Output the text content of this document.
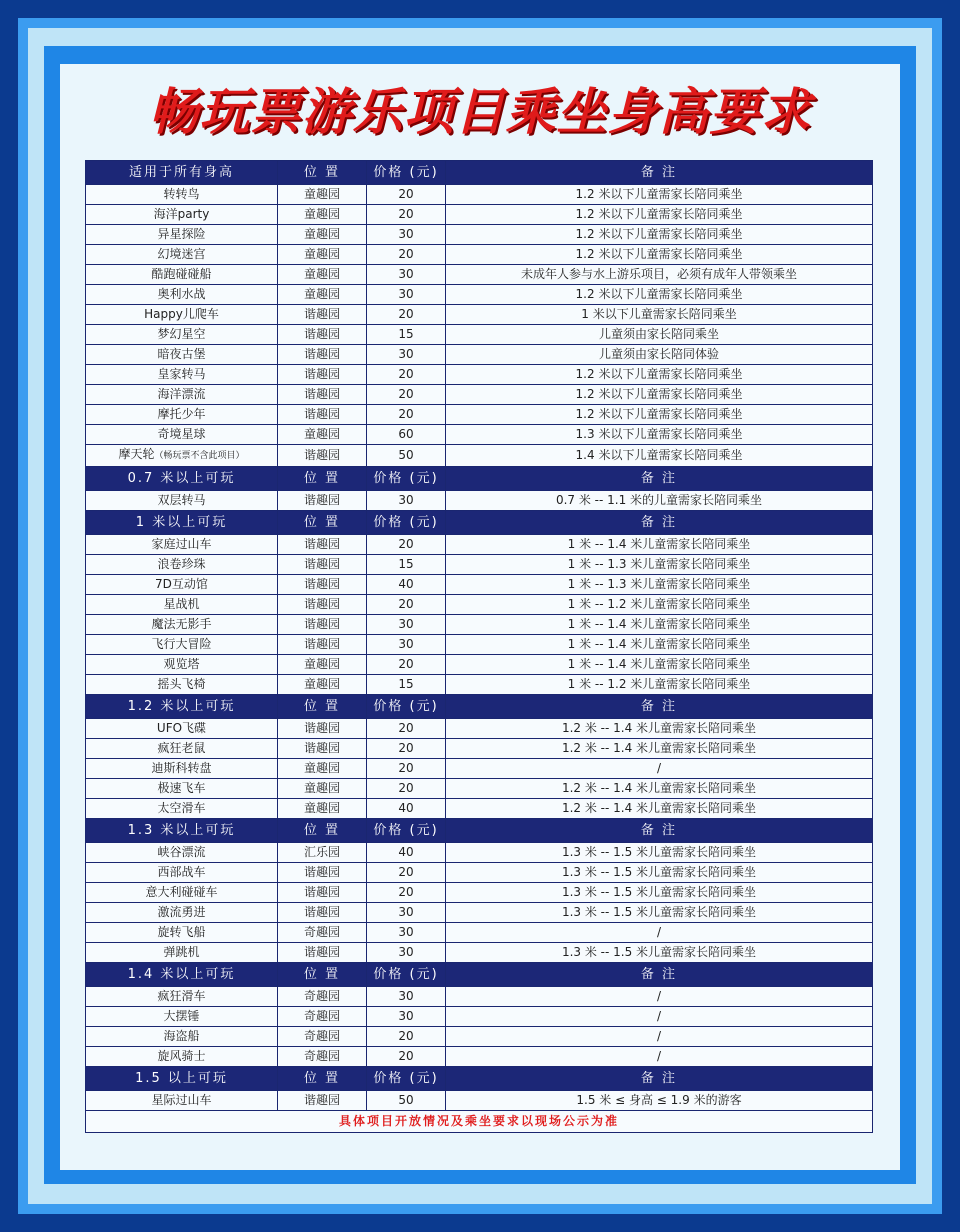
畅玩票游乐项目乘坐身高要求
适用于所有身高	位 置	价格 (元)	备 注
转转鸟	童趣园	20	1.2 米以下儿童需家长陪同乘坐
海洋party	童趣园	20	1.2 米以下儿童需家长陪同乘坐
异星探险	童趣园	30	1.2 米以下儿童需家长陪同乘坐
幻境迷宫	童趣园	20	1.2 米以下儿童需家长陪同乘坐
酷跑碰碰船	童趣园	30	未成年人参与水上游乐项目，必须有成年人带领乘坐
奥利水战	童趣园	30	1.2 米以下儿童需家长陪同乘坐
Happy儿爬车	谐趣园	20	1 米以下儿童需家长陪同乘坐
梦幻星空	谐趣园	15	儿童须由家长陪同乘坐
暗夜古堡	谐趣园	30	儿童须由家长陪同体验
皇家转马	谐趣园	20	1.2 米以下儿童需家长陪同乘坐
海洋漂流	谐趣园	20	1.2 米以下儿童需家长陪同乘坐
摩托少年	谐趣园	20	1.2 米以下儿童需家长陪同乘坐
奇境星球	童趣园	60	1.3 米以下儿童需家长陪同乘坐
摩天轮（畅玩票不含此项目）	谐趣园	50	1.4 米以下儿童需家长陪同乘坐
0.7 米以上可玩	位 置	价格 (元)	备 注
双层转马	谐趣园	30	0.7 米 -- 1.1 米的儿童需家长陪同乘坐
1 米以上可玩	位 置	价格 (元)	备 注
家庭过山车	谐趣园	20	1 米 -- 1.4 米儿童需家长陪同乘坐
浪卷珍珠	谐趣园	15	1 米 -- 1.3 米儿童需家长陪同乘坐
7D互动馆	谐趣园	40	1 米 -- 1.3 米儿童需家长陪同乘坐
星战机	谐趣园	20	1 米 -- 1.2 米儿童需家长陪同乘坐
魔法无影手	谐趣园	30	1 米 -- 1.4 米儿童需家长陪同乘坐
飞行大冒险	谐趣园	30	1 米 -- 1.4 米儿童需家长陪同乘坐
观览塔	童趣园	20	1 米 -- 1.4 米儿童需家长陪同乘坐
摇头飞椅	童趣园	15	1 米 -- 1.2 米儿童需家长陪同乘坐
1.2 米以上可玩	位 置	价格 (元)	备 注
UFO飞碟	谐趣园	20	1.2 米 -- 1.4 米儿童需家长陪同乘坐
疯狂老鼠	谐趣园	20	1.2 米 -- 1.4 米儿童需家长陪同乘坐
迪斯科转盘	童趣园	20	/
极速飞车	童趣园	20	1.2 米 -- 1.4 米儿童需家长陪同乘坐
太空滑车	童趣园	40	1.2 米 -- 1.4 米儿童需家长陪同乘坐
1.3 米以上可玩	位 置	价格 (元)	备 注
峡谷漂流	汇乐园	40	1.3 米 -- 1.5 米儿童需家长陪同乘坐
西部战车	谐趣园	20	1.3 米 -- 1.5 米儿童需家长陪同乘坐
意大利碰碰车	谐趣园	20	1.3 米 -- 1.5 米儿童需家长陪同乘坐
激流勇进	谐趣园	30	1.3 米 -- 1.5 米儿童需家长陪同乘坐
旋转飞船	奇趣园	30	/
弹跳机	谐趣园	30	1.3 米 -- 1.5 米儿童需家长陪同乘坐
1.4 米以上可玩	位 置	价格 (元)	备 注
疯狂滑车	奇趣园	30	/
大摆锤	奇趣园	30	/
海盗船	奇趣园	20	/
旋风骑士	奇趣园	20	/
1.5 以上可玩	位 置	价格 (元)	备 注
星际过山车	谐趣园	50	1.5 米 ≤ 身高 ≤ 1.9 米的游客
具体项目开放情况及乘坐要求以现场公示为准			
